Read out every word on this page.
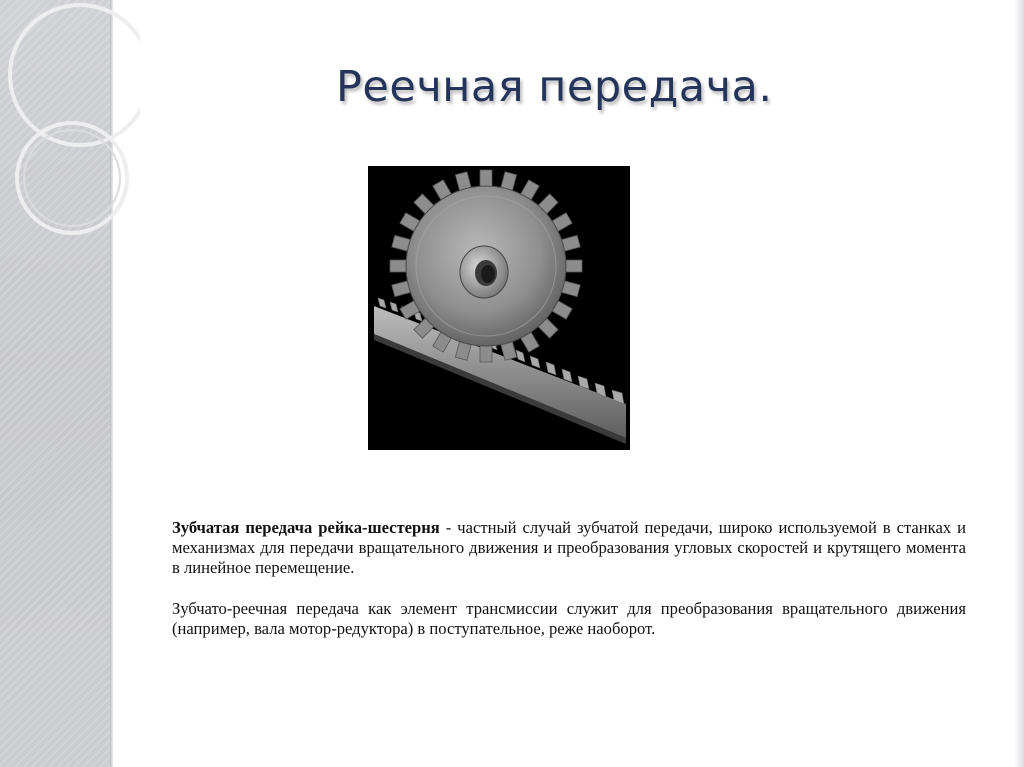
Реечная передача.

Зубчатая передача рейка-шестерня - частный случай зубчатой передачи, широко используемой в станках и механизмах для передачи вращательного движения и преобразования угловых скоростей и крутящего момента в линейное перемещение.

Зубчато-реечная передача как элемент трансмиссии служит для преобразования вращательного движения (например, вала мотор-редуктора) в поступательное, реже наоборот.
